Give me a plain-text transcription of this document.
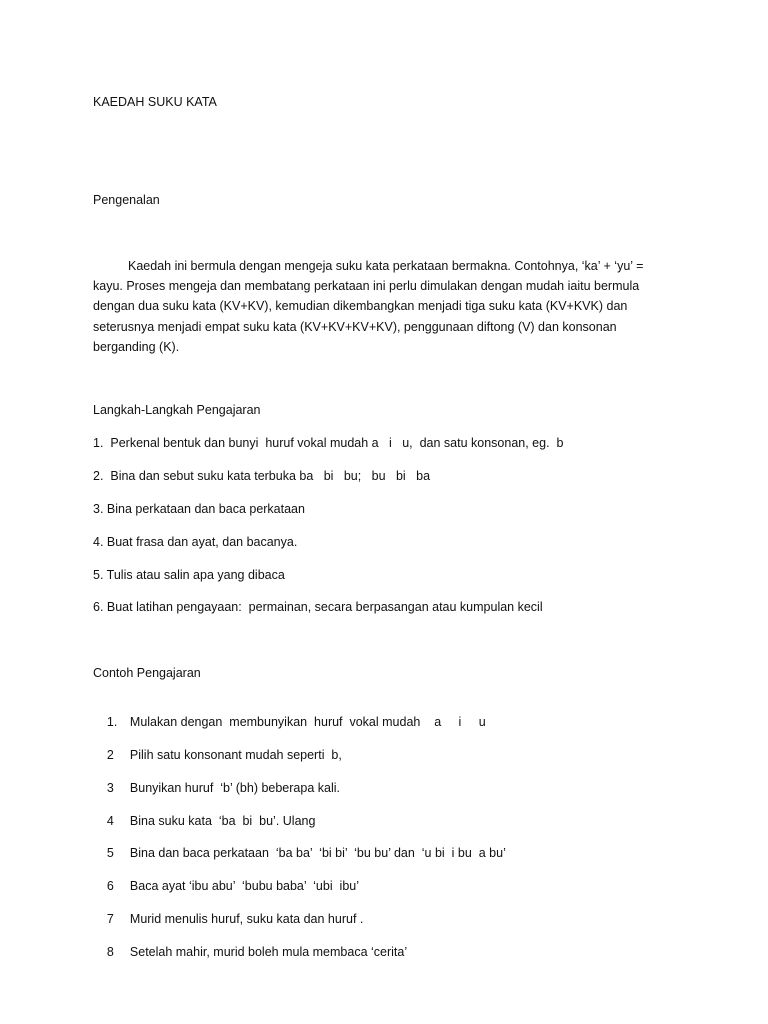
KAEDAH SUKU KATA
Pengenalan
Kaedah ini bermula dengan mengeja suku kata perkataan bermakna. Contohnya, ‘ka’ + ‘yu’ = kayu. Proses mengeja dan membatang perkataan ini perlu dimulakan dengan mudah iaitu bermula dengan dua suku kata (KV+KV), kemudian dikembangkan menjadi tiga suku kata (KV+KVK) dan seterusnya menjadi empat suku kata (KV+KV+KV+KV), penggunaan diftong (V) dan konsonan berganding (K).
Langkah-Langkah Pengajaran
1.  Perkenal bentuk dan bunyi  huruf vokal mudah a   i   u,  dan satu konsonan, eg.  b
2.  Bina dan sebut suku kata terbuka ba   bi   bu;   bu   bi   ba
3. Bina perkataan dan baca perkataan
4. Buat frasa dan ayat, dan bacanya.
5. Tulis atau salin apa yang dibaca
6. Buat latihan pengayaan:  permainan, secara berpasangan atau kumpulan kecil
Contoh Pengajaran

1. Mulakan dengan  membunyikan  huruf  vokal mudah    a     i     u

2 Pilih satu konsonant mudah seperti  b,

3 Bunyikan huruf  ‘b’ (bh) beberapa kali.

4 Bina suku kata  ‘ba  bi  bu’. Ulang

5 Bina dan baca perkataan  ‘ba ba’  ‘bi bi’  ‘bu bu’ dan  ‘u bi  i bu  a bu’

6 Baca ayat ‘ibu abu’  ‘bubu baba’  ‘ubi  ibu’

7 Murid menulis huruf, suku kata dan huruf .

8 Setelah mahir, murid boleh mula membaca ‘cerita’
